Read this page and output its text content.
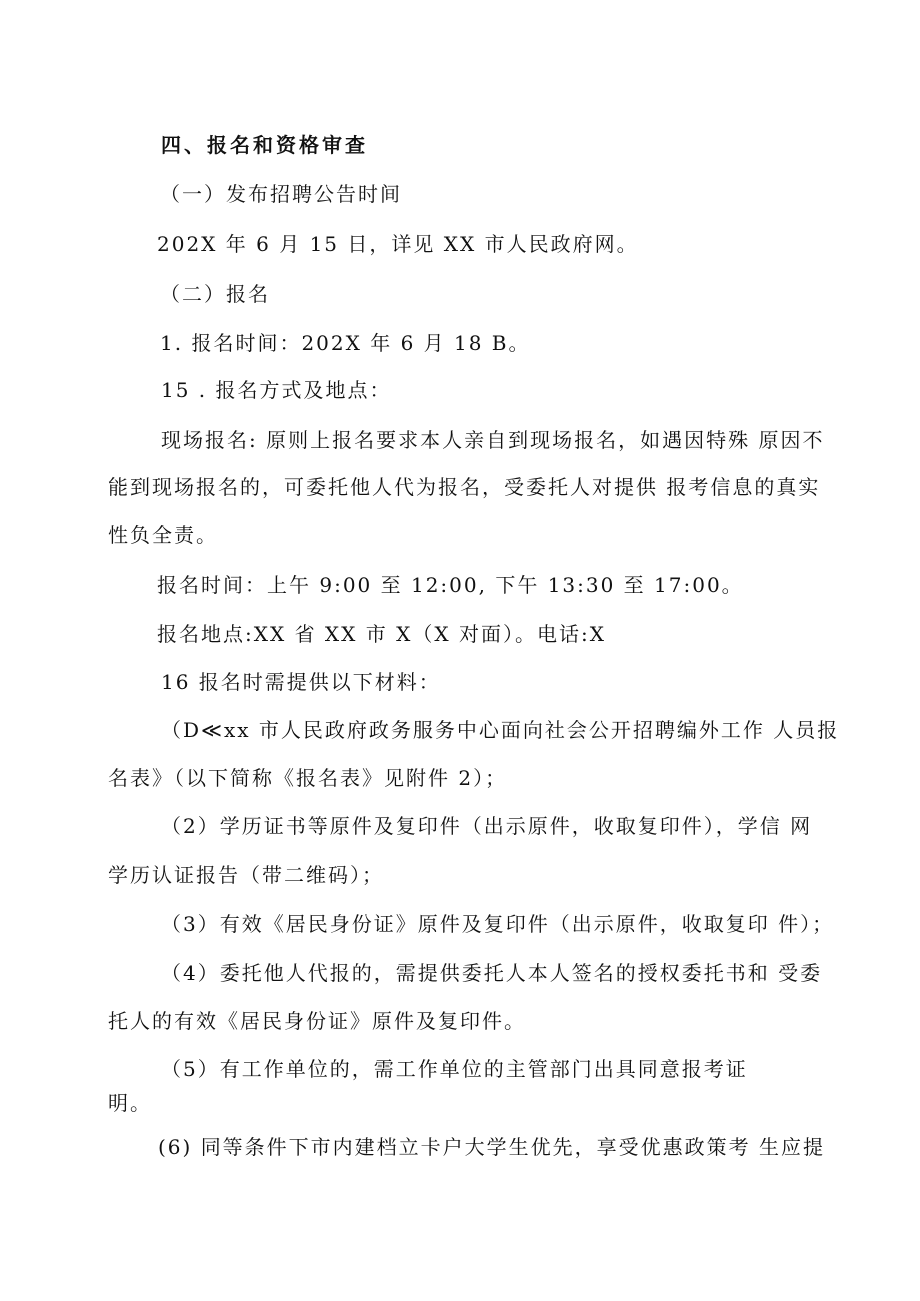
四、报名和资格审查
（一）发布招聘公告时间
202X 年 6 月 15 日，详见 XX 市人民政府网。
（二）报名
1. 报名时间：202X 年 6 月 18 B。
15 . 报名方式及地点：
现场报名: 原则上报名要求本人亲自到现场报名，如遇因特殊 原因不
能到现场报名的，可委托他人代为报名，受委托人对提供 报考信息的真实
性负全责。
报名时间：上午 9:00 至 12:00, 下午 13:30 至 17:00。
报名地点:XX 省 XX 市 X（X 对面）。电话:X
16 报名时需提供以下材料：
（D≪xx 市人民政府政务服务中心面向社会公开招聘编外工作 人员报
名表》（以下简称《报名表》见附件 2）；
（2）学历证书等原件及复印件（出示原件，收取复印件），学信 网
学历认证报告（带二维码）；
（3）有效《居民身份证》原件及复印件（出示原件，收取复印 件）；
（4）委托他人代报的，需提供委托人本人签名的授权委托书和 受委
托人的有效《居民身份证》原件及复印件。
（5）有工作单位的，需工作单位的主管部门出具同意报考证
明。
(6) 同等条件下市内建档立卡户大学生优先，享受优惠政策考 生应提
